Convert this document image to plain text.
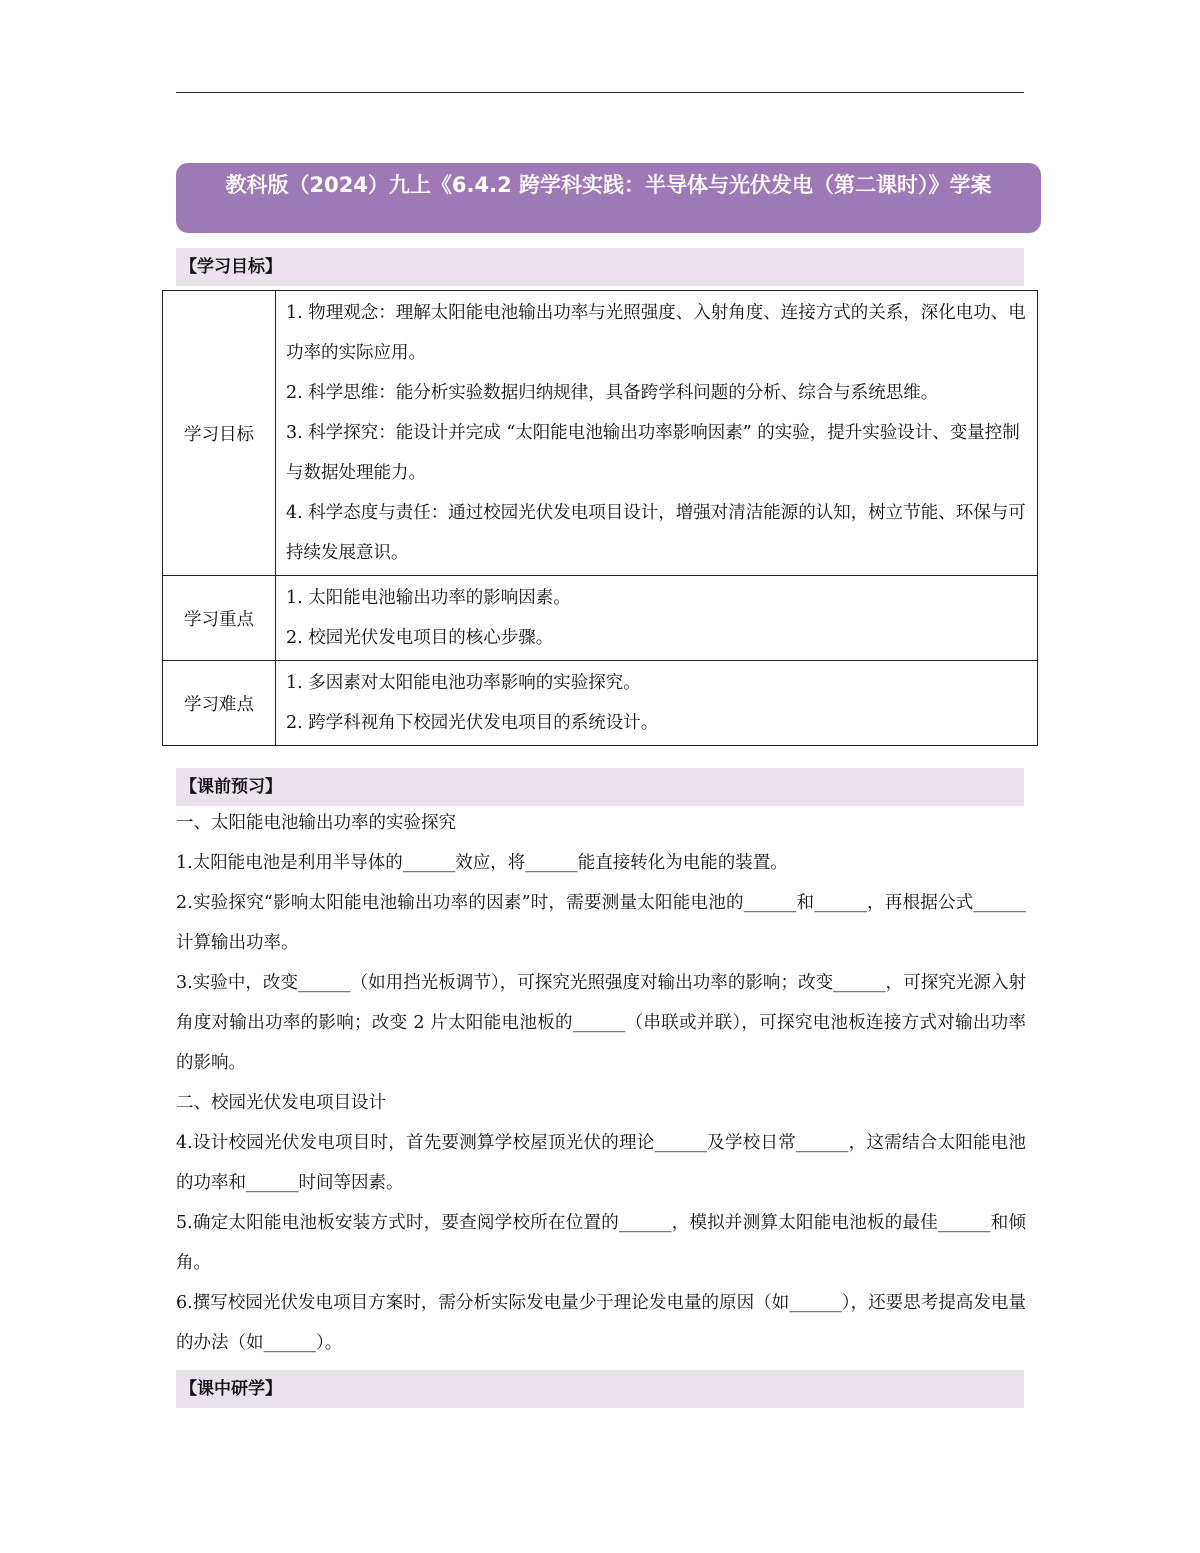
教科版（2024）九上《6.4.2 跨学科实践：半导体与光伏发电（第二课时）》学案
【学习目标】
学习目标	1. 物理观念：理解太阳能电池输出功率与光照强度、入射角度、连接方式的关系，深化电功、电功率的实际应用。

2. 科学思维：能分析实验数据归纳规律，具备跨学科问题的分析、综合与系统思维。

3. 科学探究：能设计并完成 “太阳能电池输出功率影响因素” 的实验，提升实验设计、变量控制与数据处理能力。

4. 科学态度与责任：通过校园光伏发电项目设计，增强对清洁能源的认知，树立节能、环保与可持续发展意识。

学习重点	1. 太阳能电池输出功率的影响因素。

2. 校园光伏发电项目的核心步骤。

学习难点	1. 多因素对太阳能电池功率影响的实验探究。

2. 跨学科视角下校园光伏发电项目的系统设计。

【课前预习】

一、太阳能电池输出功率的实验探究

1.太阳能电池是利用半导体的______效应，将______能直接转化为电能的装置。

2.实验探究“影响太阳能电池输出功率的因素”时，需要测量太阳能电池的______和______，再根据公式______计算输出功率。

3.实验中，改变______（如用挡光板调节），可探究光照强度对输出功率的影响；改变______，可探究光源入射角度对输出功率的影响；改变 2 片太阳能电池板的______（串联或并联），可探究电池板连接方式对输出功率的影响。

二、校园光伏发电项目设计

4.设计校园光伏发电项目时，首先要测算学校屋顶光伏的理论______及学校日常______，这需结合太阳能电池的功率和______时间等因素。

5.确定太阳能电池板安装方式时，要查阅学校所在位置的______，模拟并测算太阳能电池板的最佳______和倾角。

6.撰写校园光伏发电项目方案时，需分析实际发电量少于理论发电量的原因（如______），还要思考提高发电量的办法（如______）。

【课中研学】
